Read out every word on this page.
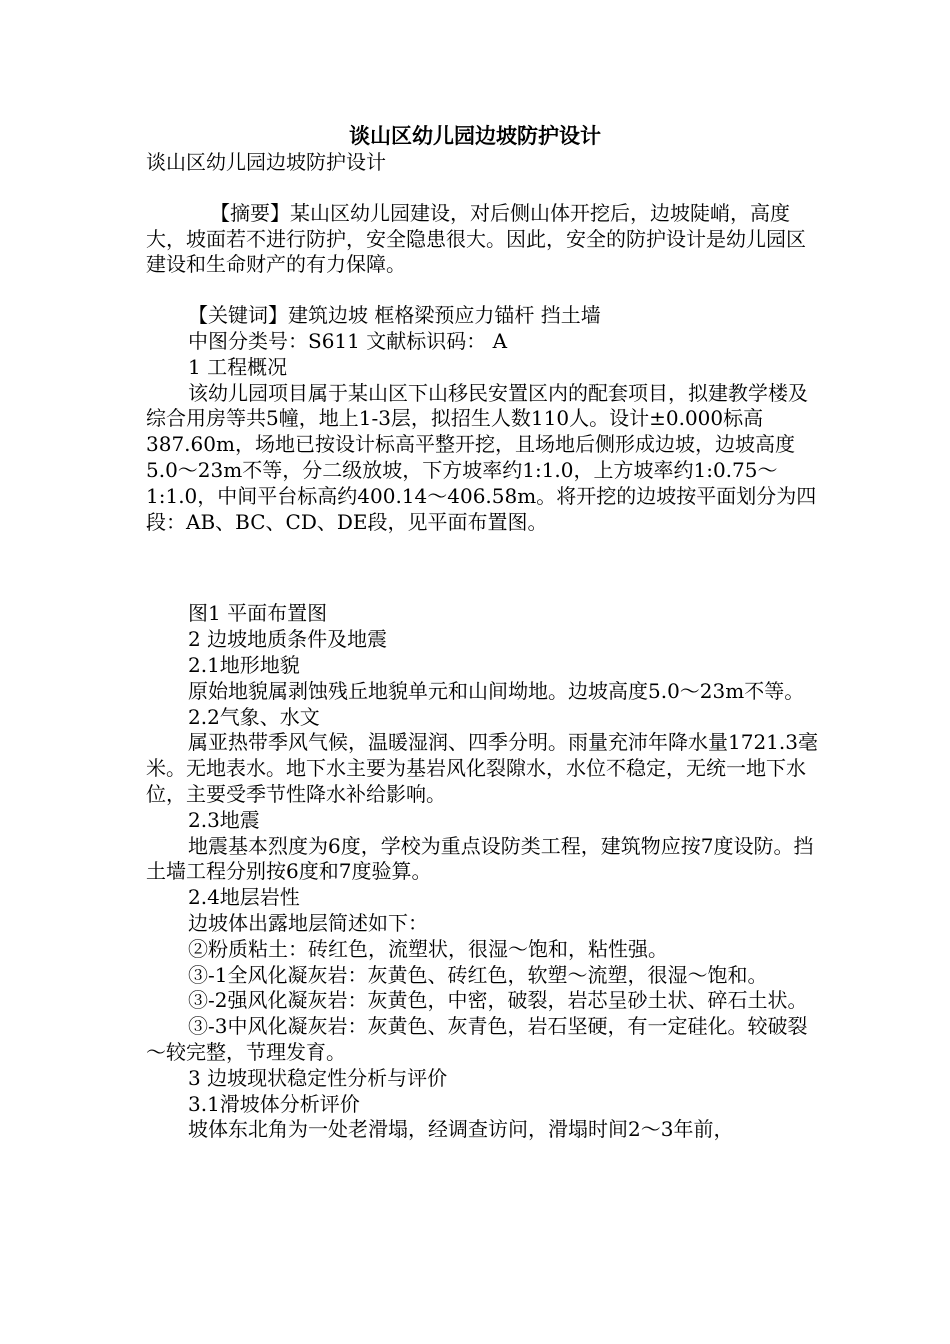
谈山区幼儿园边坡防护设计

谈山区幼儿园边坡防护设计

【摘要】某山区幼儿园建设，对后侧山体开挖后，边坡陡峭，高度大，坡面若不进行防护，安全隐患很大。因此，安全的防护设计是幼儿园区建设和生命财产的有力保障。

【关键词】建筑边坡 框格梁预应力锚杆 挡土墙

中图分类号：S611 文献标识码： A

1 工程概况

该幼儿园项目属于某山区下山移民安置区内的配套项目，拟建教学楼及综合用房等共5幢，地上1-3层，拟招生人数110人。设计±0.000标高387.60m，场地已按设计标高平整开挖，且场地后侧形成边坡，边坡高度5.0～23m不等，分二级放坡，下方坡率约1:1.0，上方坡率约1:0.75～1:1.0，中间平台标高约400.14～406.58m。将开挖的边坡按平面划分为四段：AB、BC、CD、DE段，见平面布置图。

图1 平面布置图

2 边坡地质条件及地震

2.1地形地貌

原始地貌属剥蚀残丘地貌单元和山间坳地。边坡高度5.0～23m不等。

2.2气象、水文

属亚热带季风气候，温暖湿润、四季分明。雨量充沛年降水量1721.3毫米。无地表水。地下水主要为基岩风化裂隙水，水位不稳定，无统一地下水位，主要受季节性降水补给影响。

2.3地震

地震基本烈度为6度，学校为重点设防类工程，建筑物应按7度设防。挡土墙工程分别按6度和7度验算。

2.4地层岩性

边坡体出露地层简述如下：

②粉质粘土：砖红色，流塑状，很湿～饱和，粘性强。

③-1全风化凝灰岩：灰黄色、砖红色，软塑～流塑，很湿～饱和。

③-2强风化凝灰岩：灰黄色，中密，破裂，岩芯呈砂土状、碎石土状。

③-3中风化凝灰岩：灰黄色、灰青色，岩石坚硬，有一定硅化。较破裂～较完整，节理发育。

3 边坡现状稳定性分析与评价

3.1滑坡体分析评价

坡体东北角为一处老滑塌，经调查访问，滑塌时间2～3年前，
